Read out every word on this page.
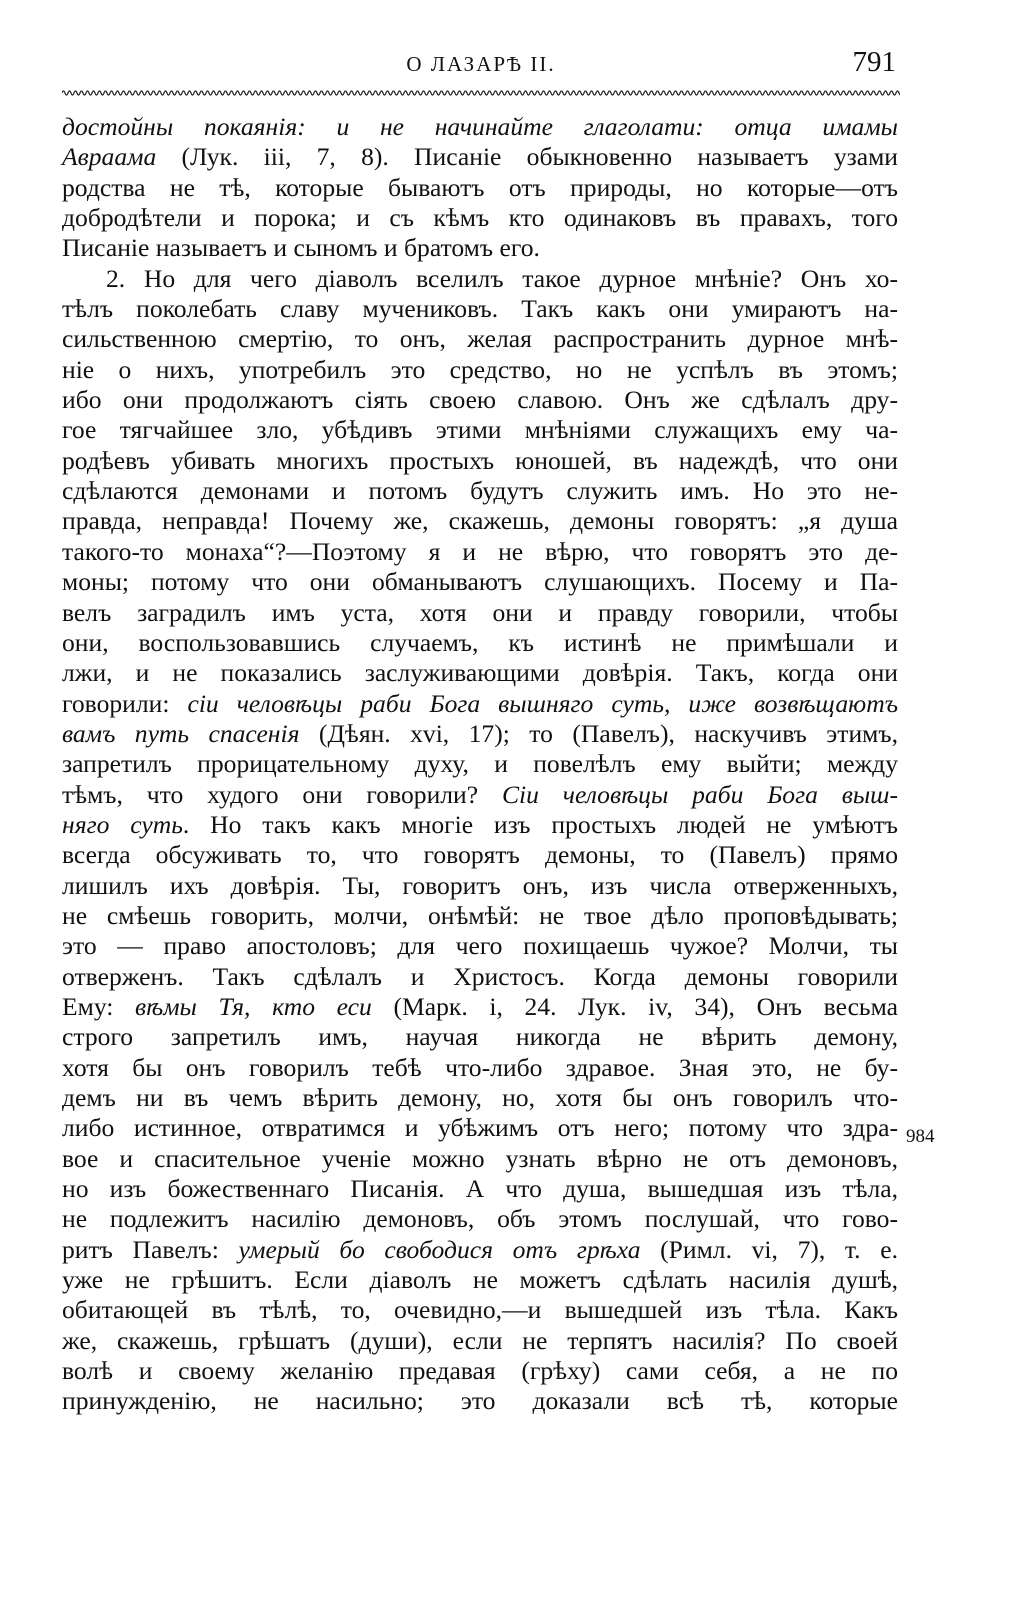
О ЛАЗАРѢ II.	791
достойны покаянія: и не начинайте глаголати: отца имамы
Авраама (Лук. ііі, 7, 8). Писаніе обыкновенно называетъ узами
родства не тѣ, которые бываютъ отъ природы, но которые—отъ
добродѣтели и порока; и съ кѣмъ кто одинаковъ въ правахъ, того
Писаніе называетъ и сыномъ и братомъ его.
2. Но для чего діаволъ вселилъ такое дурное мнѣніе? Онъ хо-
тѣлъ поколебать славу мучениковъ. Такъ какъ они умираютъ на-
сильственною смертію, то онъ, желая распространить дурное мнѣ-
ніе о нихъ, употребилъ это средство, но не успѣлъ въ этомъ;
ибо они продолжаютъ сіять своею славою. Онъ же сдѣлалъ дру-
гое тягчайшее зло, убѣдивъ этими мнѣніями служащихъ ему ча-
родѣевъ убивать многихъ простыхъ юношей, въ надеждѣ, что они
сдѣлаются демонами и потомъ будутъ служить имъ. Но это не-
правда, неправда! Почему же, скажешь, демоны говорятъ: „я душа
такого-то монаха“?—Поэтому я и не вѣрю, что говорятъ это де-
моны; потому что они обманываютъ слушающихъ. Посему и Па-
велъ заградилъ имъ уста, хотя они и правду говорили, чтобы
они, воспользовавшись случаемъ, къ истинѣ не примѣшали и
лжи, и не показались заслуживающими довѣрія. Такъ, когда они
говорили: сіи человѣцы раби Бога вышняго суть, иже возвѣщаютъ
вамъ путь спасенія (Дѣян. xvi, 17); то (Павелъ), наскучивъ этимъ,
запретилъ прорицательному духу, и повелѣлъ ему выйти; между
тѣмъ, что худого они говорили? Сіи человѣцы раби Бога выш-
няго суть. Но такъ какъ многіе изъ простыхъ людей не умѣютъ
всегда обсуживать то, что говорятъ демоны, то (Павелъ) прямо
лишилъ ихъ довѣрія. Ты, говоритъ онъ, изъ числа отверженныхъ,
не смѣешь говорить, молчи, онѣмѣй: не твое дѣло проповѣдывать;
это — право апостоловъ; для чего похищаешь чужое? Молчи, ты
отверженъ. Такъ сдѣлалъ и Христосъ. Когда демоны говорили
Ему: вѣмы Тя, кто еси (Марк. і, 24. Лук. іv, 34), Онъ весьма
строго запретилъ имъ, научая никогда не вѣрить демону,
хотя бы онъ говорилъ тебѣ что-либо здравое. Зная это, не бу-
демъ ни въ чемъ вѣрить демону, но, хотя бы онъ говорилъ что-
либо истинное, отвратимся и убѣжимъ отъ него; потому что здра-
вое и спасительное ученіе можно узнать вѣрно не отъ демоновъ,
но изъ божественнаго Писанія. А что душа, вышедшая изъ тѣла,
не подлежитъ насилію демоновъ, объ этомъ послушай, что гово-
ритъ Павелъ: умерый бо свободися отъ грѣха (Римл. vi, 7), т. е.
уже не грѣшитъ. Если діаволъ не можетъ сдѣлать насилія душѣ,
обитающей въ тѣлѣ, то, очевидно,—и вышедшей изъ тѣла. Какъ
же, скажешь, грѣшатъ (души), если не терпятъ насилія? По своей
волѣ и своему желанію предавая (грѣху) сами себя, а не по
принужденію, не насильно; это доказали всѣ тѣ, которые
984
